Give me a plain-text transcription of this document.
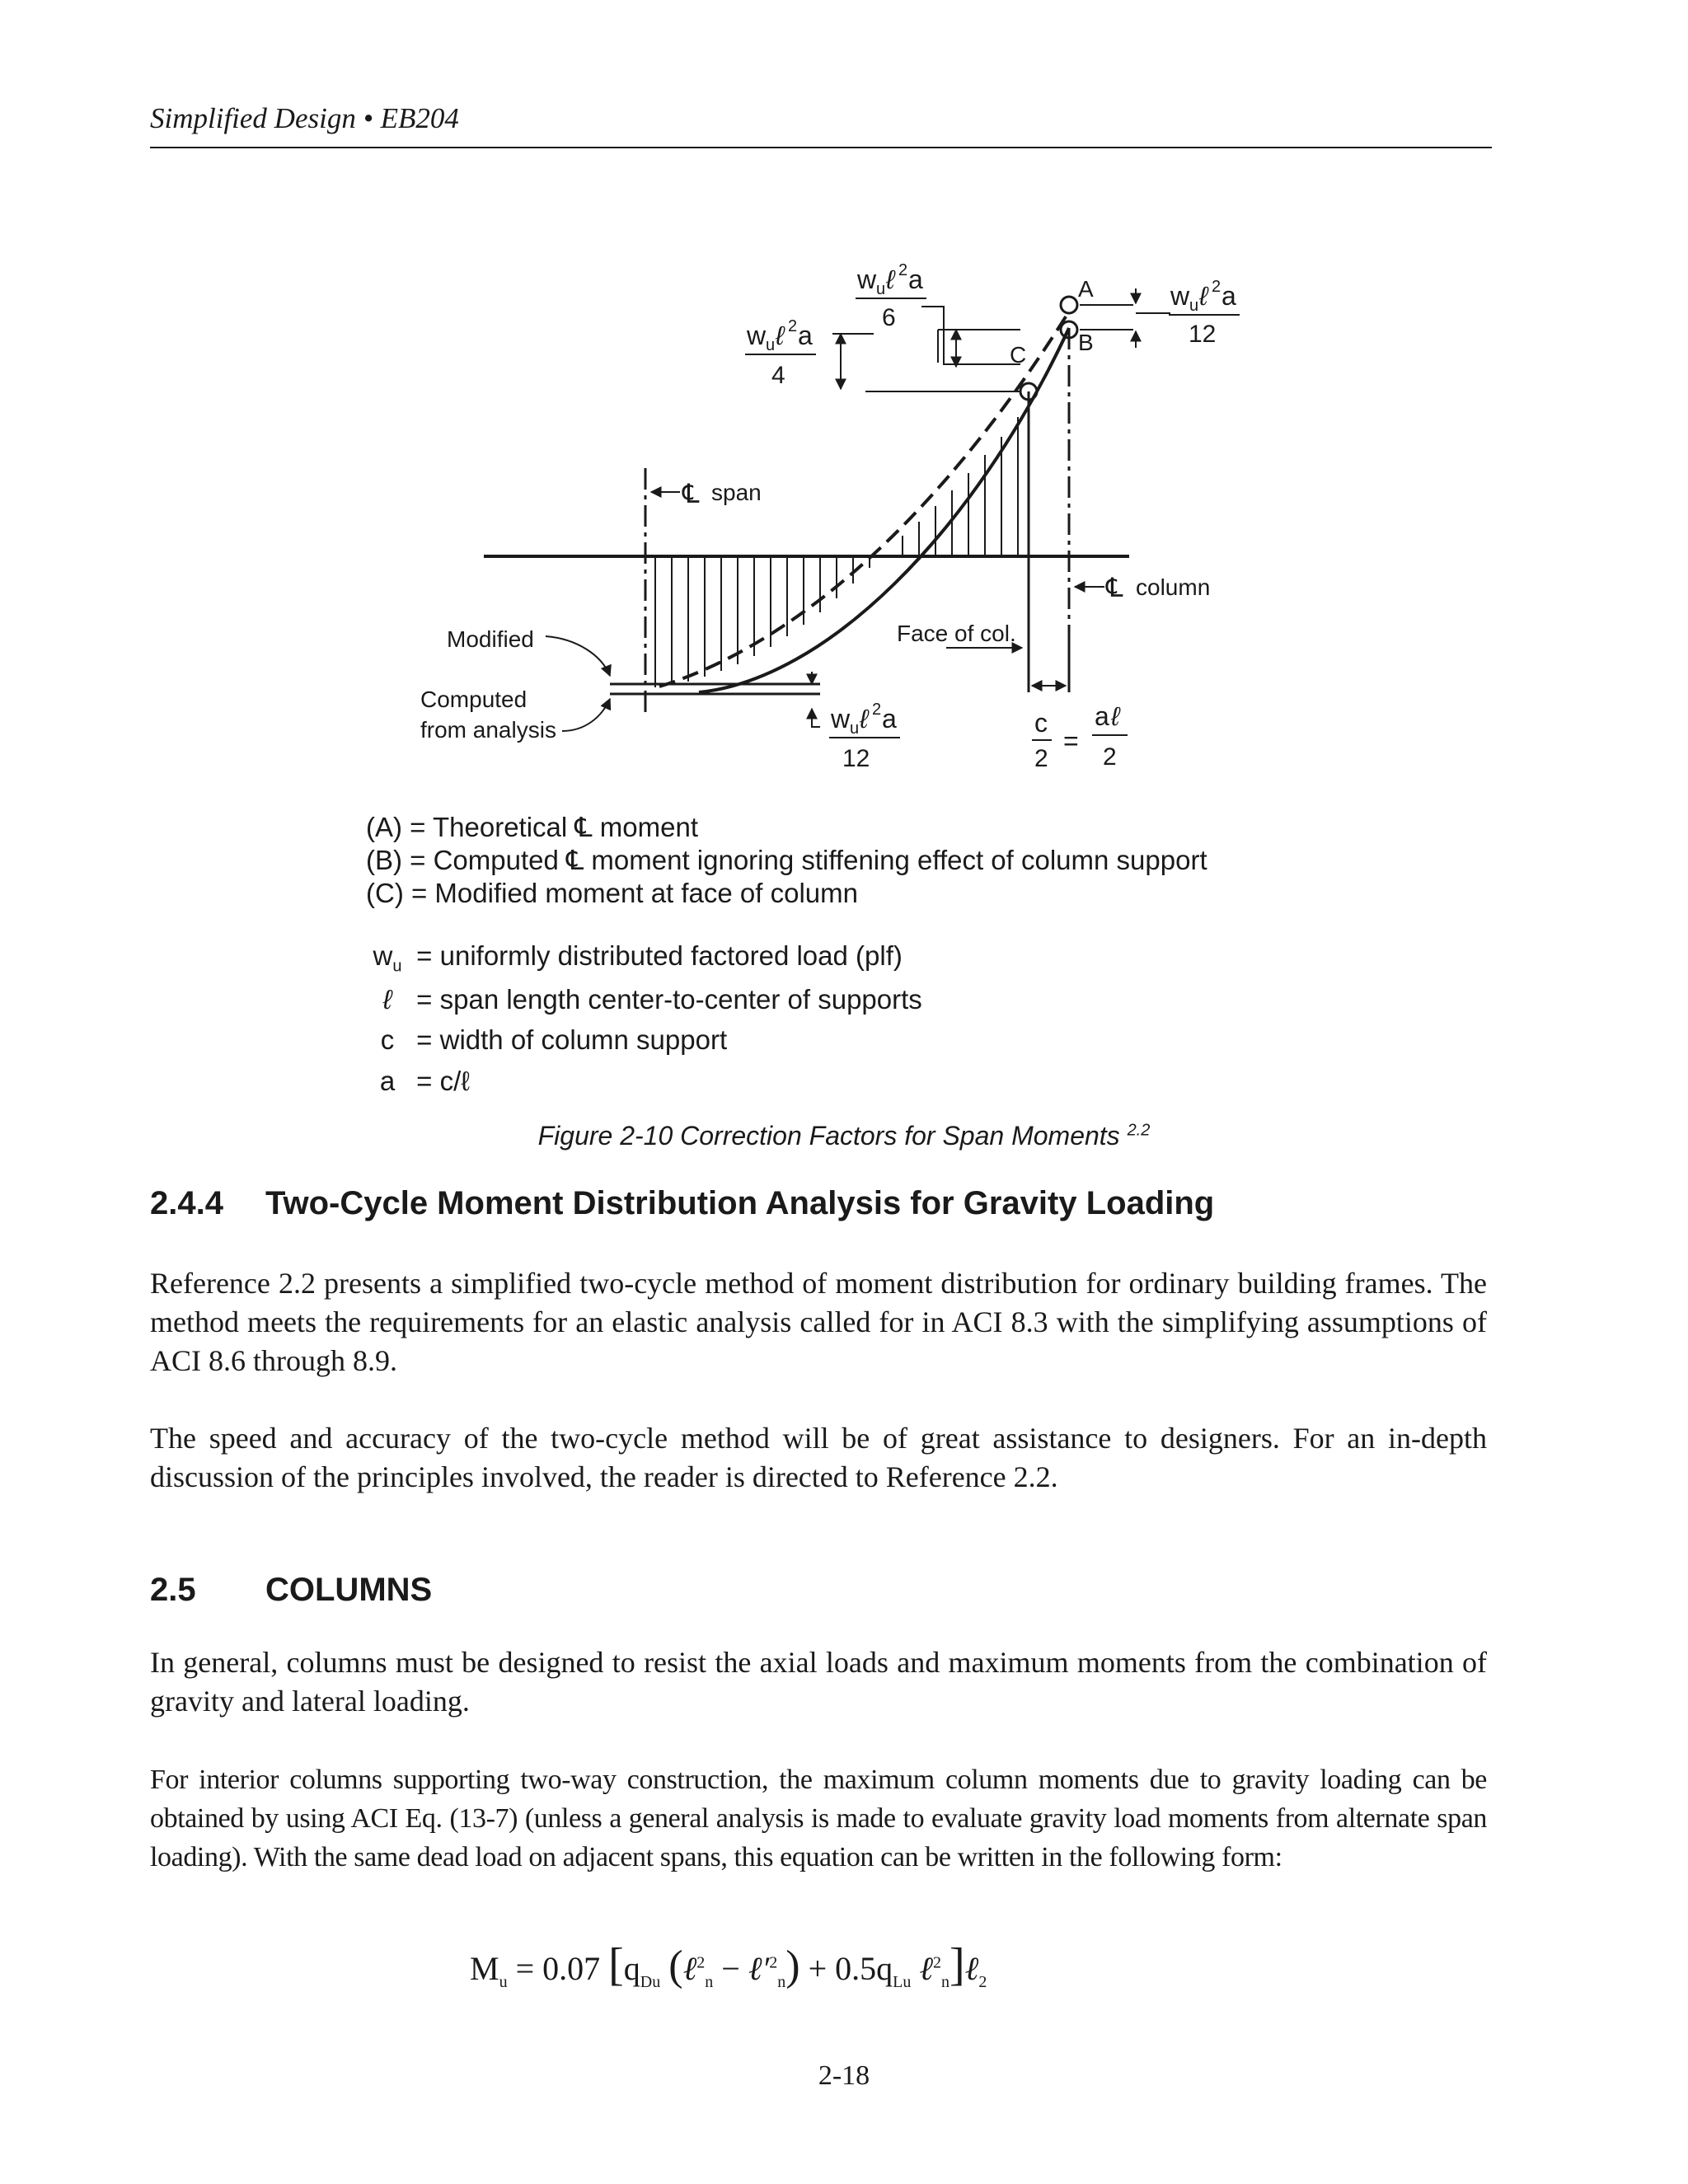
Simplified Design • EB204
A
B
C
Face of col.
℄ span
℄ column
Modified
Computed
from analysis
w u ℓ 2 a
6
w u ℓ 2 a
4
w u ℓ 2 a
12
w u ℓ 2 a
12
c
2
=
a ℓ
2
(A) = Theoretical ℄ moment
(B) = Computed ℄ moment ignoring stiffening effect of column support
(C) = Modified moment at face of column
$w_u$ = uniformly distributed factored load (plf)
ℓ = span length center-to-center of supports
c = width of column support
a = c/ℓ
Figure 2-10 Correction Factors for Span Moments $^{2.2}$
2.4.4 Two-Cycle Moment Distribution Analysis for Gravity Loading

Reference 2.2 presents a simplified two-cycle method of moment distribution for ordinary building frames. The method meets the requirements for an elastic analysis called for in ACI 8.3 with the simplifying assumptions of ACI 8.6 through 8.9.

The speed and accuracy of the two-cycle method will be of great assistance to designers. For an in-depth discussion of the principles involved, the reader is directed to Reference 2.2.

2.5 COLUMNS

In general, columns must be designed to resist the axial loads and maximum moments from the combination of gravity and lateral loading.

For interior columns supporting two-way construction, the maximum column moments due to gravity loading can be obtained by using ACI Eq. (13-7) (unless a general analysis is made to evaluate gravity load moments from alternate span loading). With the same dead load on adjacent spans, this equation can be written in the following form:

$M_u = 0.07$ [$q_{Du}$ (ℓ$^2_n$ − $\ell'^2_n) + 0.5q_{Lu}$ ℓ$^2_n$]ℓ$_2$
2-18
